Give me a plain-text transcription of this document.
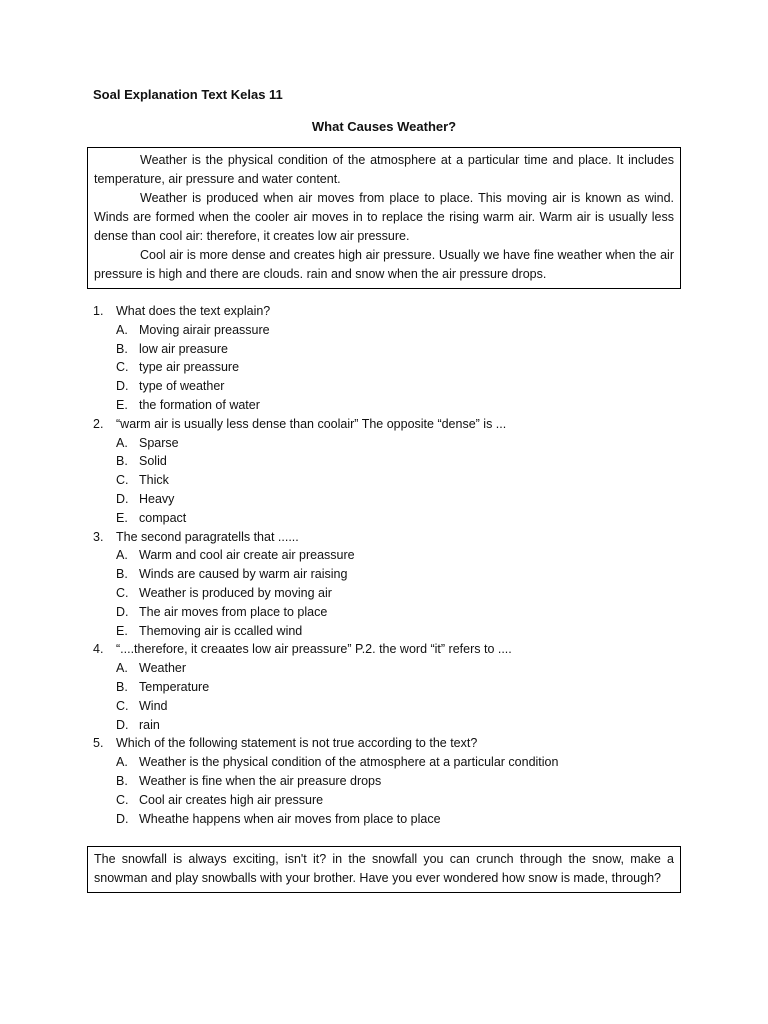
Soal Explanation Text Kelas 11
What Causes Weather?

Weather is the physical condition of the atmosphere at a particular time and place. It includes temperature, air pressure and water content.

Weather is produced when air moves from place to place. This moving air is known as wind. Winds are formed when the cooler air moves in to replace the rising warm air. Warm air is usually less dense than cool air: therefore, it creates low air pressure.

Cool air is more dense and creates high air pressure. Usually we have fine weather when the air pressure is high and there are clouds. rain and snow when the air pressure drops.

1.	What does the text explain?
A. Moving airair preassure
B. low air preasure
C. type air preassure
D. type of weather
E. the formation of water
2.	“warm air is usually less dense than coolair” The opposite “dense” is ...
A. Sparse
B. Solid
C. Thick
D. Heavy
E. compact
3.	The second paragratells that ......
A. Warm and cool air create air preassure
B. Winds are caused by warm air raising
C. Weather is produced by moving air
D. The air moves from place to place
E. Themoving air is ccalled wind
4.	“....therefore, it creaates low air preassure” P.2. the word “it” refers to ....
A. Weather
B. Temperature
C. Wind
D. rain
5.	Which of the following statement is not true according to the text?
A. Weather is the physical condition of the atmosphere at a particular condition
B. Weather is fine when the air preasure drops
C. Cool air creates high air pressure
D. Wheathe happens when air moves from place to place

The snowfall is always exciting, isn't it? in the snowfall you can crunch through the snow, make a snowman and play snowballs with your brother. Have you ever wondered how snow is made, through?
